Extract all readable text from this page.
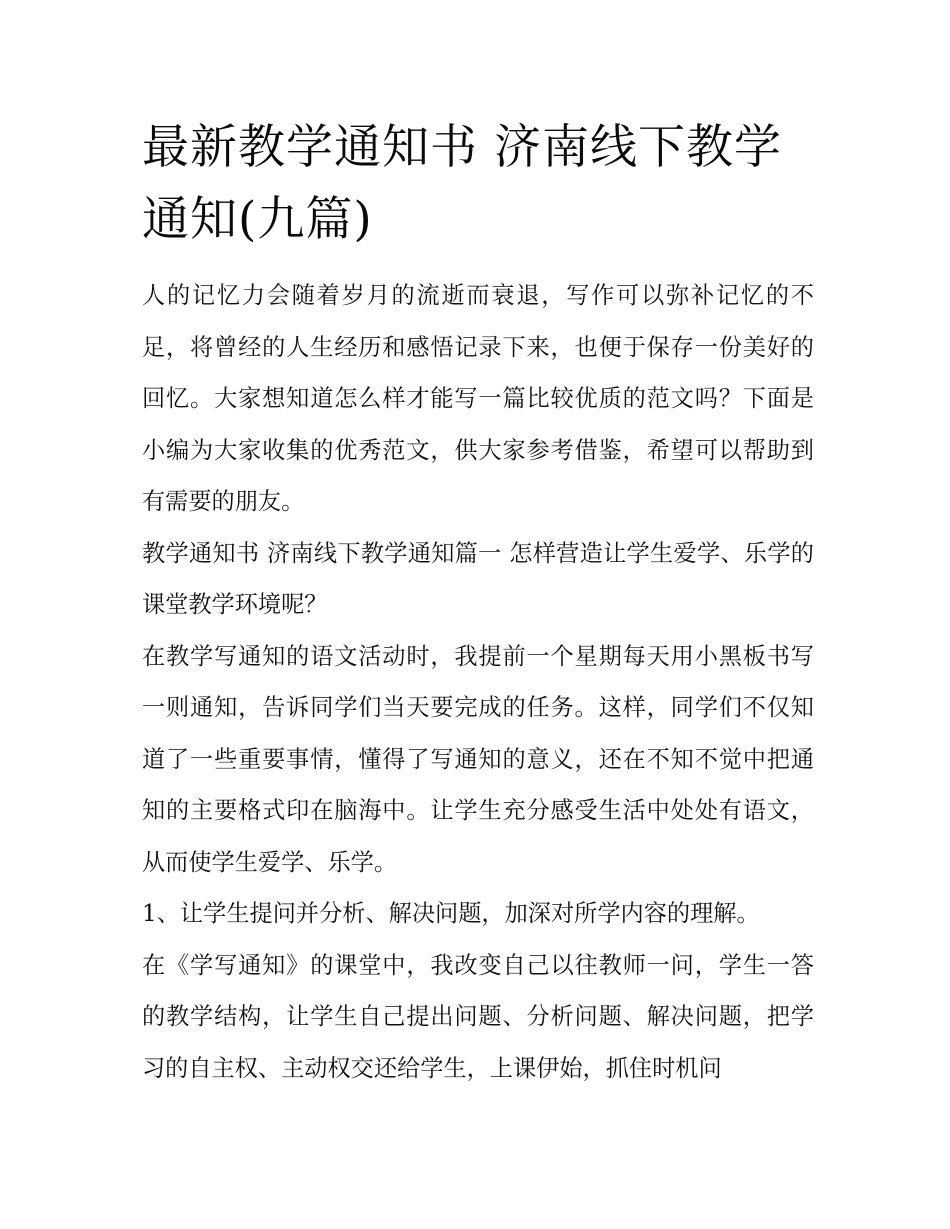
最新教学通知书 济南线下教学通知(九篇)

人的记忆力会随着岁月的流逝而衰退，写作可以弥补记忆的不足，将曾经的人生经历和感悟记录下来，也便于保存一份美好的回忆。大家想知道怎么样才能写一篇比较优质的范文吗？下面是小编为大家收集的优秀范文，供大家参考借鉴，希望可以帮助到有需要的朋友。

教学通知书 济南线下教学通知篇一 怎样营造让学生爱学、乐学的课堂教学环境呢？

在教学写通知的语文活动时，我提前一个星期每天用小黑板书写一则通知，告诉同学们当天要完成的任务。这样，同学们不仅知道了一些重要事情，懂得了写通知的意义，还在不知不觉中把通知的主要格式印在脑海中。让学生充分感受生活中处处有语文，从而使学生爱学、乐学。

1、让学生提问并分析、解决问题，加深对所学内容的理解。

在《学写通知》的课堂中，我改变自己以往教师一问，学生一答的教学结构，让学生自己提出问题、分析问题、解决问题，把学习的自主权、主动权交还给学生，上课伊始，抓住时机问
